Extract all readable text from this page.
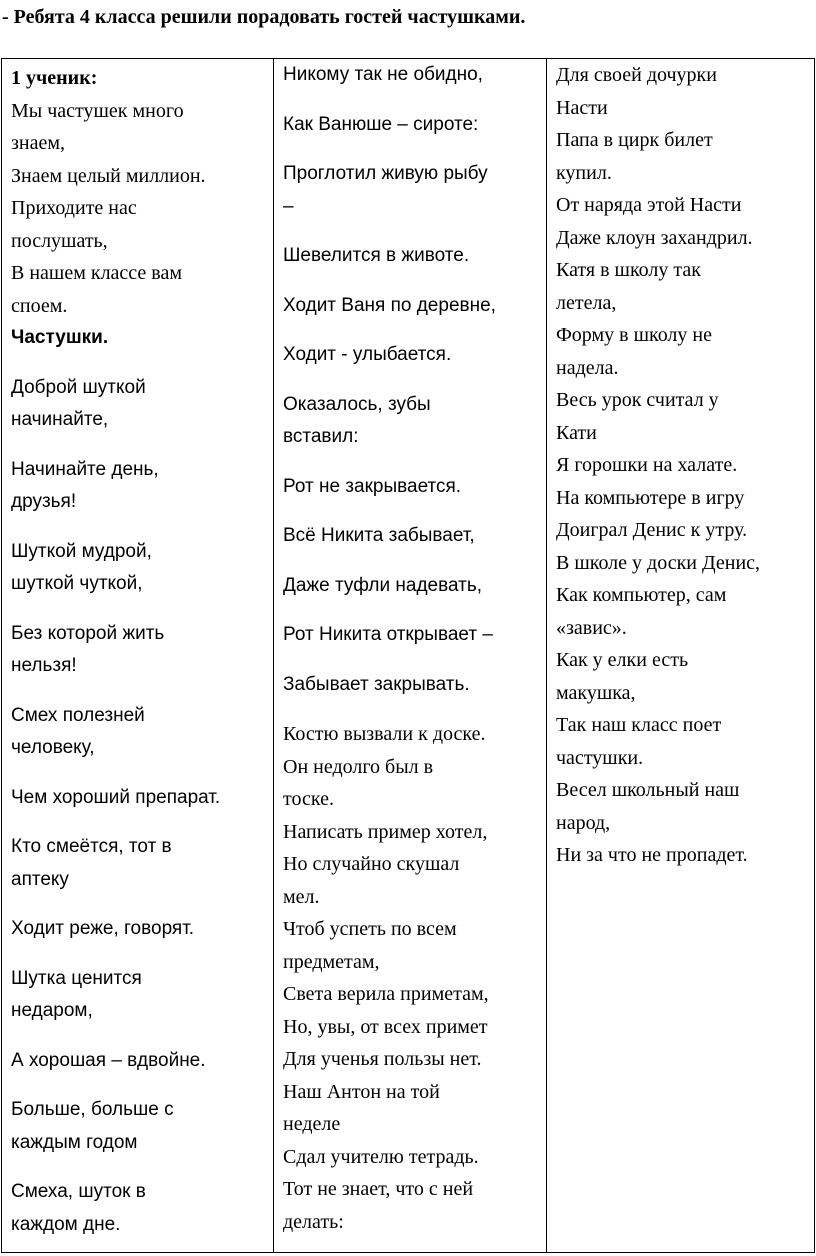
- Ребята 4 класса решили порадовать гостей частушками.
1 ученик:
Мы частушек много
знаем,
Знаем целый миллион.
Приходите нас
послушать,
В нашем классе вам
споем.
Частушки.
Доброй шуткой
начинайте,
Начинайте день,
друзья!
Шуткой мудрой,
шуткой чуткой,
Без которой жить
нельзя!
Смех полезней
человеку,
Чем хороший препарат.
Кто смеётся, тот в
аптеку
Ходит реже, говорят.
Шутка ценится
недаром,
А хорошая – вдвойне.
Больше, больше с
каждым годом
Смеха, шуток в
каждом дне.
Никому так не обидно,
Как Ванюше – сироте:
Проглотил живую рыбу
–
Шевелится в животе.
Ходит Ваня по деревне,
Ходит - улыбается.
Оказалось, зубы
вставил:
Рот не закрывается.
Всё Никита забывает,
Даже туфли надевать,
Рот Никита открывает –
Забывает закрывать.
Костю вызвали к доске.
Он недолго был в
тоске.
Написать пример хотел,
Но случайно скушал
мел.
Чтоб успеть по всем
предметам,
Света верила приметам,
Но, увы, от всех примет
Для ученья пользы нет.
Наш Антон на той
неделе
Сдал учителю тетрадь.
Тот не знает, что с ней
делать:
Для своей дочурки
Насти
Папа в цирк билет
купил.
От наряда этой Насти
Даже клоун захандрил.
Катя в школу так
летела,
Форму в школу не
надела.
Весь урок считал у
Кати
Я горошки на халате.
На компьютере в игру
Доиграл Денис к утру.
В школе у доски Денис,
Как компьютер, сам
«завис».
Как у елки есть
макушка,
Так наш класс поет
частушки.
Весел школьный наш
народ,
Ни за что не пропадет.
